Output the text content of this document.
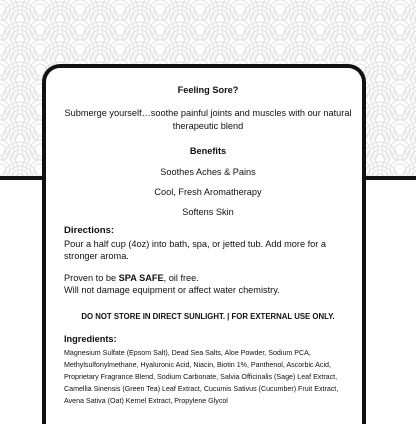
Feeling Sore?
Submerge yourself…soothe painful joints and muscles with our natural therapeutic blend
Benefits
Soothes Aches & Pains
Cool, Fresh Aromatherapy
Softens Skin
Directions:
Pour a half cup (4oz) into bath, spa, or jetted tub. Add more for a stronger aroma.
Proven to be SPA SAFE, oil free.
Will not damage equipment or affect water chemistry.
DO NOT STORE IN DIRECT SUNLIGHT. | FOR EXTERNAL USE ONLY.
Ingredients:
Magnesium Sulfate (Epsom Salt), Dead Sea Salts, Aloe Powder, Sodium PCA, Methylsulfonylmethane, Hyaluronic Acid, Niacin, Biotin 1%, Panthenol, Ascorbic Acid, Proprietary Fragrance Blend, Sodium Carbonate, Salvia Officinalis (Sage) Leaf Extract, Camellia Sinensis (Green Tea) Leaf Extract, Cucumis Sativus (Cucumber) Fruit Extract, Avena Sativa (Oat) Kernel Extract, Propylene Glycol
